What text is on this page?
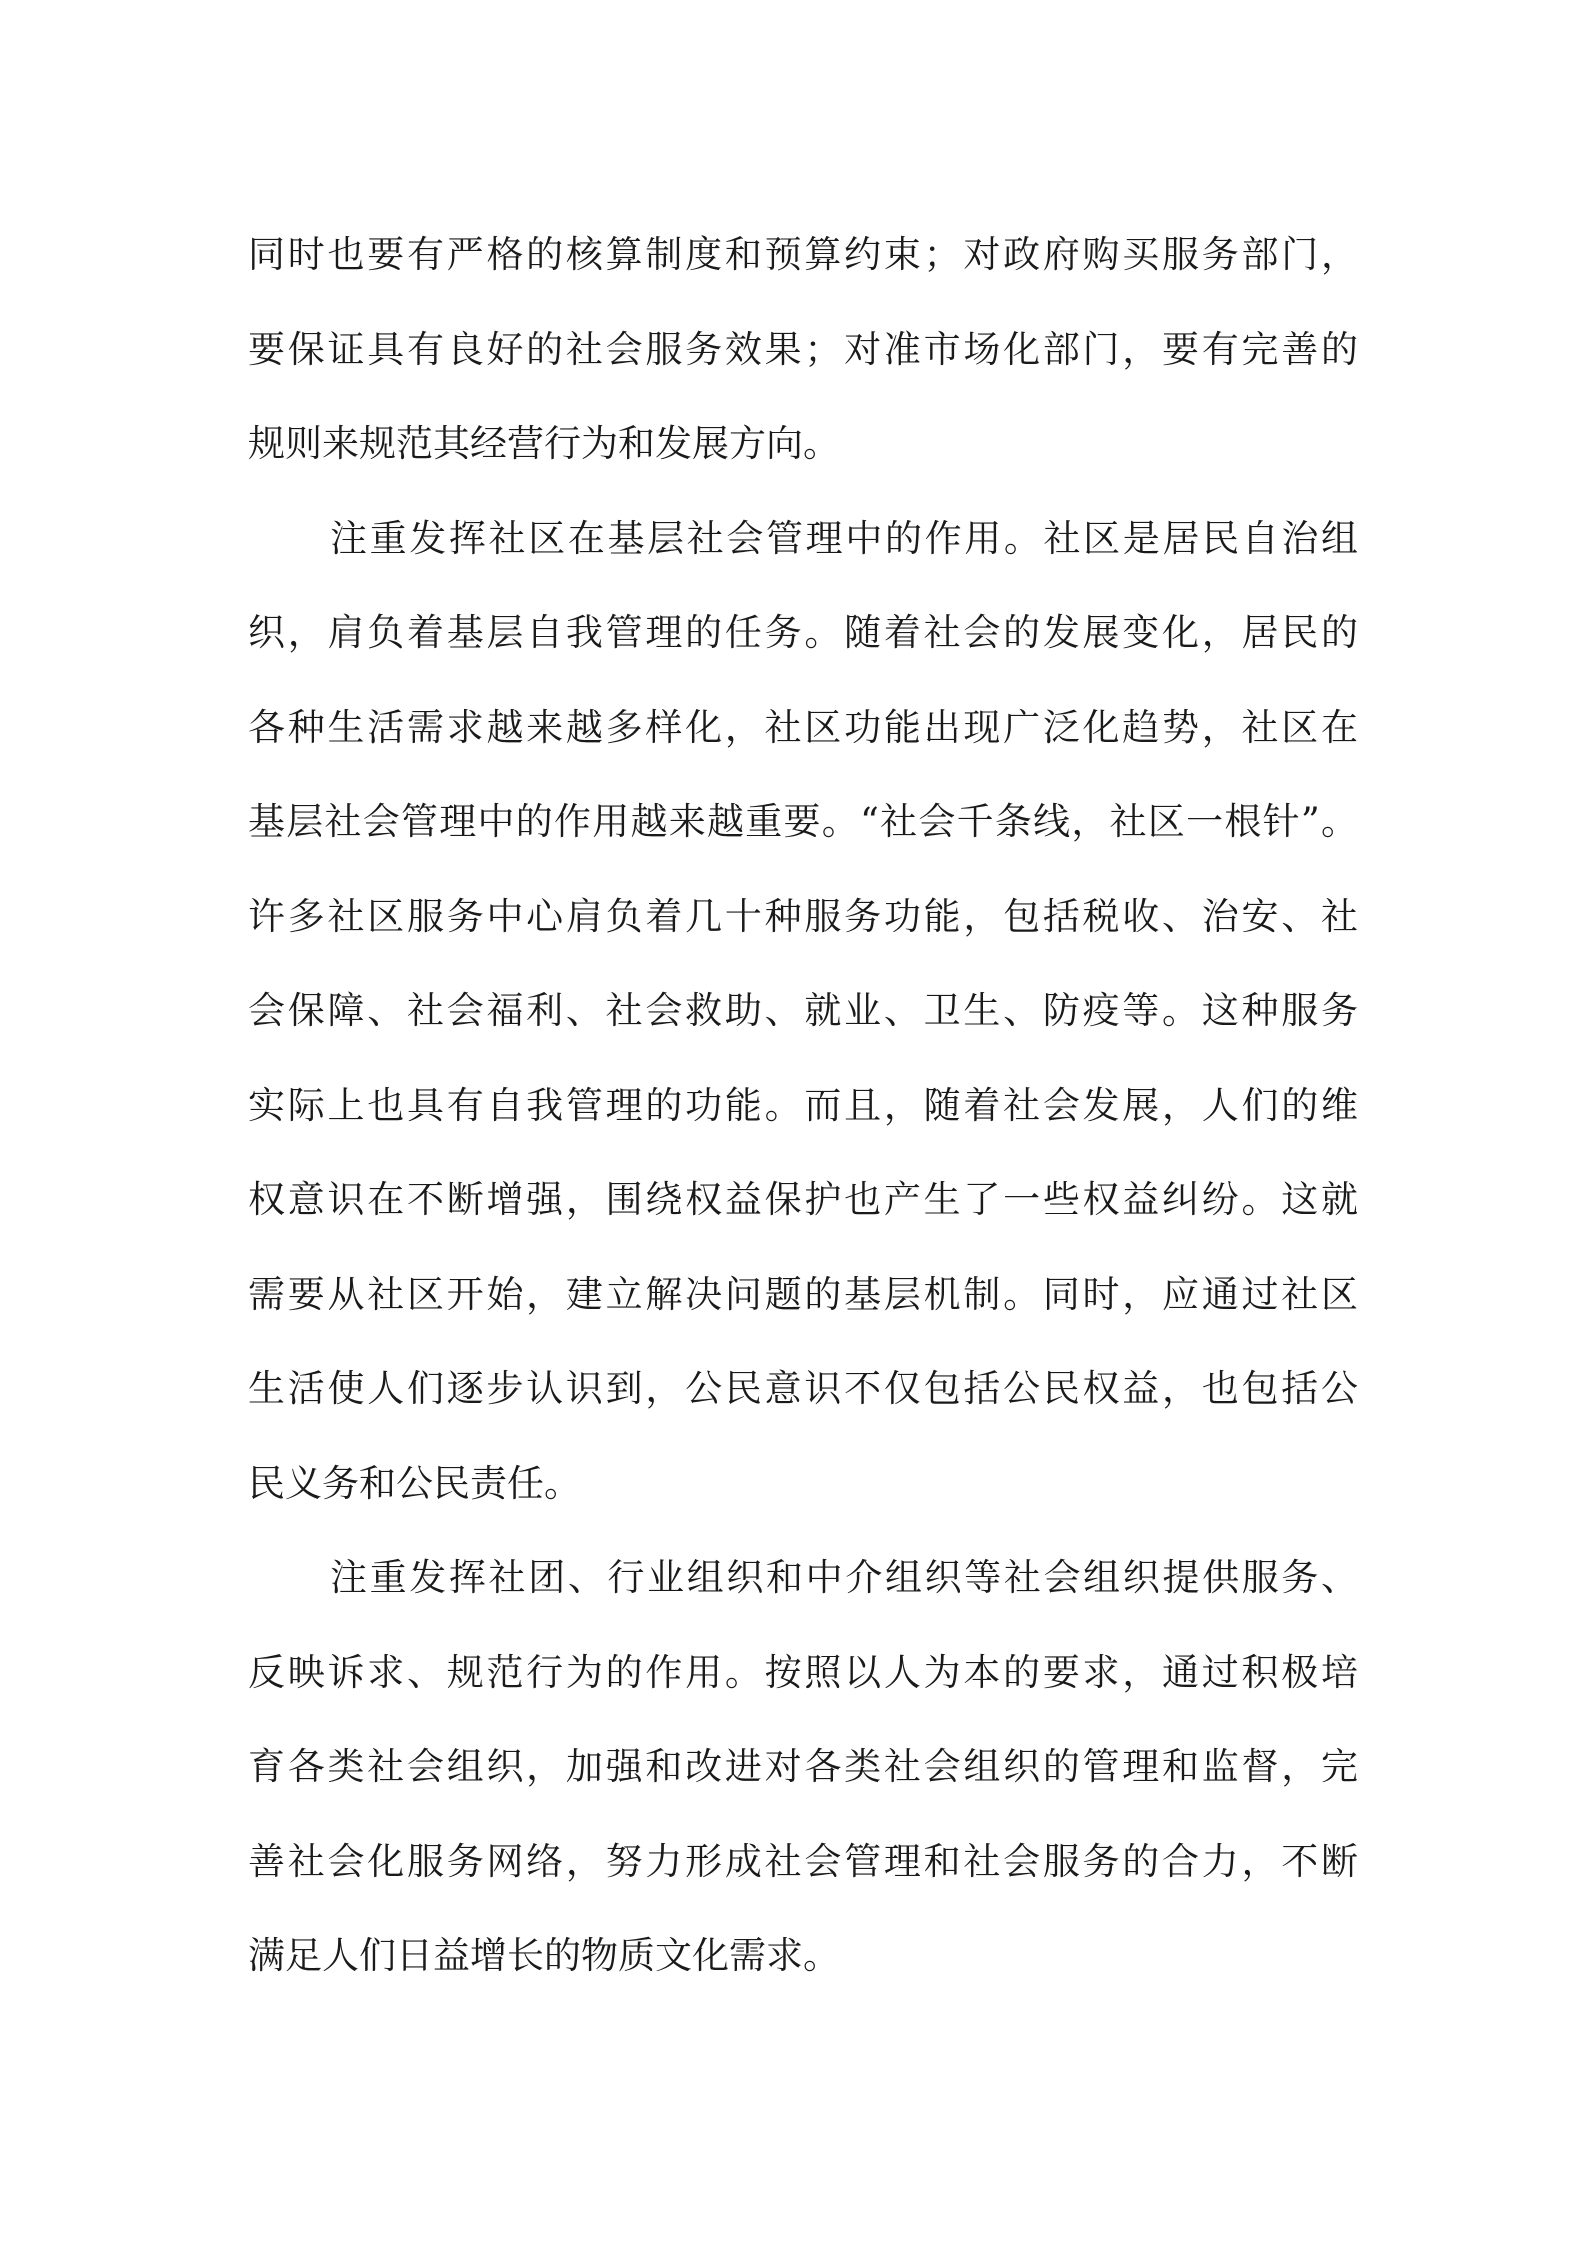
同时也要有严格的核算制度和预算约束；对政府购买服务部门，
要保证具有良好的社会服务效果；对准市场化部门，要有完善的
规则来规范其经营行为和发展方向。
注重发挥社区在基层社会管理中的作用。社区是居民自治组
织，肩负着基层自我管理的任务。随着社会的发展变化，居民的
各种生活需求越来越多样化，社区功能出现广泛化趋势，社区在
基层社会管理中的作用越来越重要。“社会千条线，社区一根针”。
许多社区服务中心肩负着几十种服务功能，包括税收、治安、社
会保障、社会福利、社会救助、就业、卫生、防疫等。这种服务
实际上也具有自我管理的功能。而且，随着社会发展，人们的维
权意识在不断增强，围绕权益保护也产生了一些权益纠纷。这就
需要从社区开始，建立解决问题的基层机制。同时，应通过社区
生活使人们逐步认识到，公民意识不仅包括公民权益，也包括公
民义务和公民责任。
注重发挥社团、行业组织和中介组织等社会组织提供服务、
反映诉求、规范行为的作用。按照以人为本的要求，通过积极培
育各类社会组织，加强和改进对各类社会组织的管理和监督，完
善社会化服务网络，努力形成社会管理和社会服务的合力，不断
满足人们日益增长的物质文化需求。
